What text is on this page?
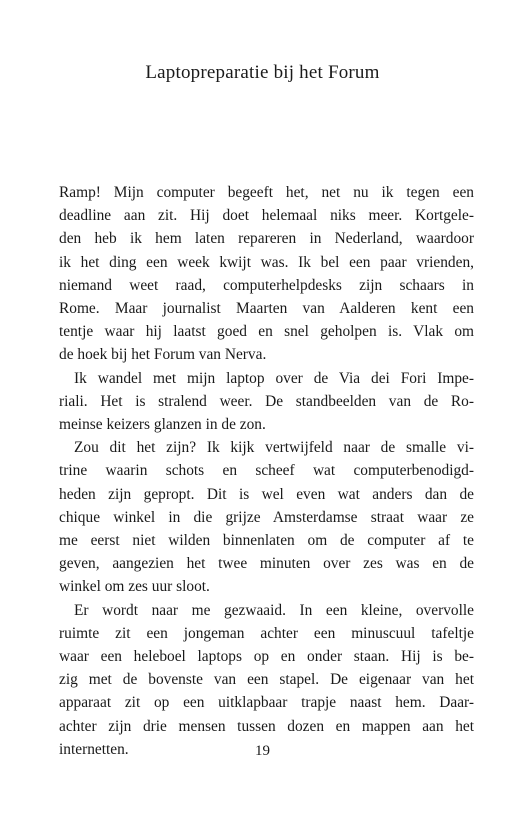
Laptopreparatie bij het Forum
Ramp! Mijn computer begeeft het, net nu ik tegen een
deadline aan zit. Hij doet helemaal niks meer. Kortgele-
den heb ik hem laten repareren in Nederland, waardoor
ik het ding een week kwijt was. Ik bel een paar vrienden,
niemand weet raad, computerhelpdesks zijn schaars in
Rome. Maar journalist Maarten van Aalderen kent een
tentje waar hij laatst goed en snel geholpen is. Vlak om
de hoek bij het Forum van Nerva.
Ik wandel met mijn laptop over de Via dei Fori Impe-
riali. Het is stralend weer. De standbeelden van de Ro-
meinse keizers glanzen in de zon.
Zou dit het zijn? Ik kijk vertwijfeld naar de smalle vi-
trine waarin schots en scheef wat computerbenodigd-
heden zijn gepropt. Dit is wel even wat anders dan de
chique winkel in die grijze Amsterdamse straat waar ze
me eerst niet wilden binnenlaten om de computer af te
geven, aangezien het twee minuten over zes was en de
winkel om zes uur sloot.
Er wordt naar me gezwaaid. In een kleine, overvolle
ruimte zit een jongeman achter een minuscuul tafeltje
waar een heleboel laptops op en onder staan. Hij is be-
zig met de bovenste van een stapel. De eigenaar van het
apparaat zit op een uitklapbaar trapje naast hem. Daar-
achter zijn drie mensen tussen dozen en mappen aan het
internetten.	19
